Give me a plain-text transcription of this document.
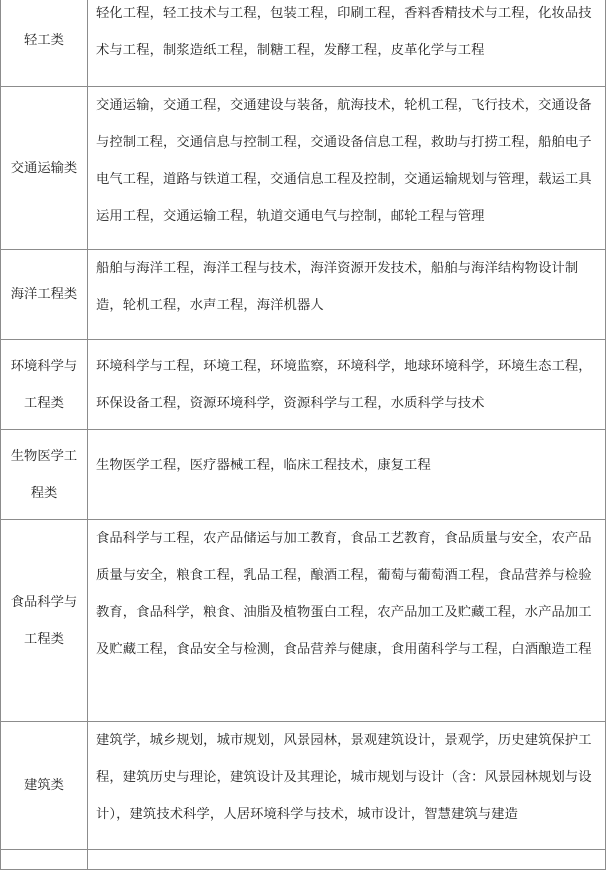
轻工类	轻化工程，轻工技术与工程，包装工程，印刷工程，香料香精技术与工程，化妆品技术与工程，制浆造纸工程，制糖工程，发酵工程，皮革化学与工程
交通运输类	交通运输，交通工程，交通建设与装备，航海技术，轮机工程，飞行技术，交通设备与控制工程，交通信息与控制工程，交通设备信息工程，救助与打捞工程，船舶电子电气工程，道路与铁道工程，交通信息工程及控制，交通运输规划与管理，载运工具运用工程，交通运输工程，轨道交通电气与控制，邮轮工程与管理
海洋工程类	船舶与海洋工程，海洋工程与技术，海洋资源开发技术，船舶与海洋结构物设计制造，轮机工程，水声工程，海洋机器人
环境科学与工程类	环境科学与工程，环境工程，环境监察，环境科学，地球环境科学，环境生态工程，环保设备工程，资源环境科学，资源科学与工程，水质科学与技术
生物医学工程类	生物医学工程，医疗器械工程，临床工程技术，康复工程
食品科学与工程类	食品科学与工程，农产品储运与加工教育，食品工艺教育，食品质量与安全，农产品质量与安全，粮食工程，乳品工程，酿酒工程，葡萄与葡萄酒工程，食品营养与检验教育，食品科学，粮食、油脂及植物蛋白工程，农产品加工及贮藏工程，水产品加工及贮藏工程，食品安全与检测，食品营养与健康，食用菌科学与工程，白酒酿造工程
建筑类	建筑学，城乡规划，城市规划，风景园林，景观建筑设计，景观学，历史建筑保护工程，建筑历史与理论，建筑设计及其理论，城市规划与设计（含：风景园林规划与设计），建筑技术科学，人居环境科学与技术，城市设计，智慧建筑与建造
